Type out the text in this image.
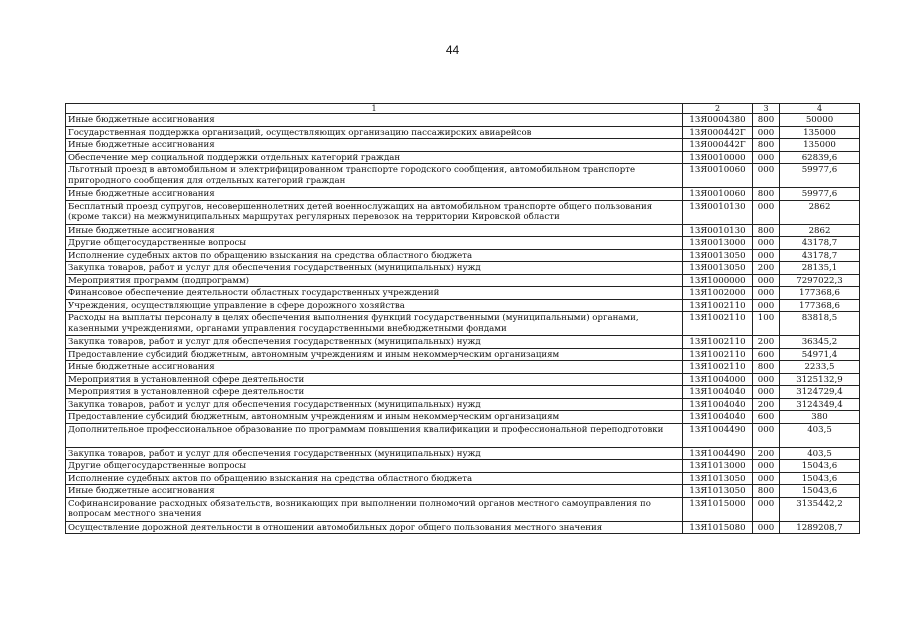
44
1	2	3	4
Иные бюджетные ассигнования	13Я0004380	800	50000
Государственная поддержка организаций, осуществляющих организацию пассажирских авиарейсов	13Я000442Г	000	135000
Иные бюджетные ассигнования	13Я000442Г	800	135000
Обеспечение мер социальной поддержки отдельных категорий граждан	13Я0010000	000	62839,6
Льготный проезд в автомобильном и электрифицированном транспорте городского сообщения, автомобильном транспорте пригородного сообщения для отдельных категорий граждан	13Я0010060	000	59977,6
Иные бюджетные ассигнования	13Я0010060	800	59977,6
Бесплатный проезд супругов, несовершеннолетних детей военнослужащих на автомобильном транспорте общего пользования (кроме такси) на межмуниципальных маршрутах регулярных перевозок на территории Кировской области	13Я0010130	000	2862
Иные бюджетные ассигнования	13Я0010130	800	2862
Другие общегосударственные вопросы	13Я0013000	000	43178,7
Исполнение судебных актов по обращению взыскания на средства областного бюджета	13Я0013050	000	43178,7
Закупка товаров, работ и услуг для обеспечения государственных (муниципальных) нужд	13Я0013050	200	28135,1
Мероприятия программ (подпрограмм)	13Я1000000	000	7297022,3
Финансовое обеспечение деятельности областных государственных учреждений	13Я1002000	000	177368,6
Учреждения, осуществляющие управление в сфере дорожного хозяйства	13Я1002110	000	177368,6
Расходы на выплаты персоналу в целях обеспечения выполнения функций государственными (муниципальными) органами, казенными учреждениями, органами управления государственными внебюджетными фондами	13Я1002110	100	83818,5
Закупка товаров, работ и услуг для обеспечения государственных (муниципальных) нужд	13Я1002110	200	36345,2
Предоставление субсидий бюджетным, автономным учреждениям и иным некоммерческим организациям	13Я1002110	600	54971,4
Иные бюджетные ассигнования	13Я1002110	800	2233,5
Мероприятия в установленной сфере деятельности	13Я1004000	000	3125132,9
Мероприятия в установленной сфере деятельности	13Я1004040	000	3124729,4
Закупка товаров, работ и услуг для обеспечения государственных (муниципальных) нужд	13Я1004040	200	3124349,4
Предоставление субсидий бюджетным, автономным учреждениям и иным некоммерческим организациям	13Я1004040	600	380
Дополнительное профессиональное образование по программам повышения квалификации и профессиональной переподготовки	13Я1004490	000	403,5
Закупка товаров, работ и услуг для обеспечения государственных (муниципальных) нужд	13Я1004490	200	403,5
Другие общегосударственные вопросы	13Я1013000	000	15043,6
Исполнение судебных актов по обращению взыскания на средства областного бюджета	13Я1013050	000	15043,6
Иные бюджетные ассигнования	13Я1013050	800	15043,6
Софинансирование расходных обязательств, возникающих при выполнении полномочий органов местного самоуправления по вопросам местного значения	13Я1015000	000	3135442,2
Осуществление дорожной деятельности в отношении автомобильных дорог общего пользования местного значения	13Я1015080	000	1289208,7
